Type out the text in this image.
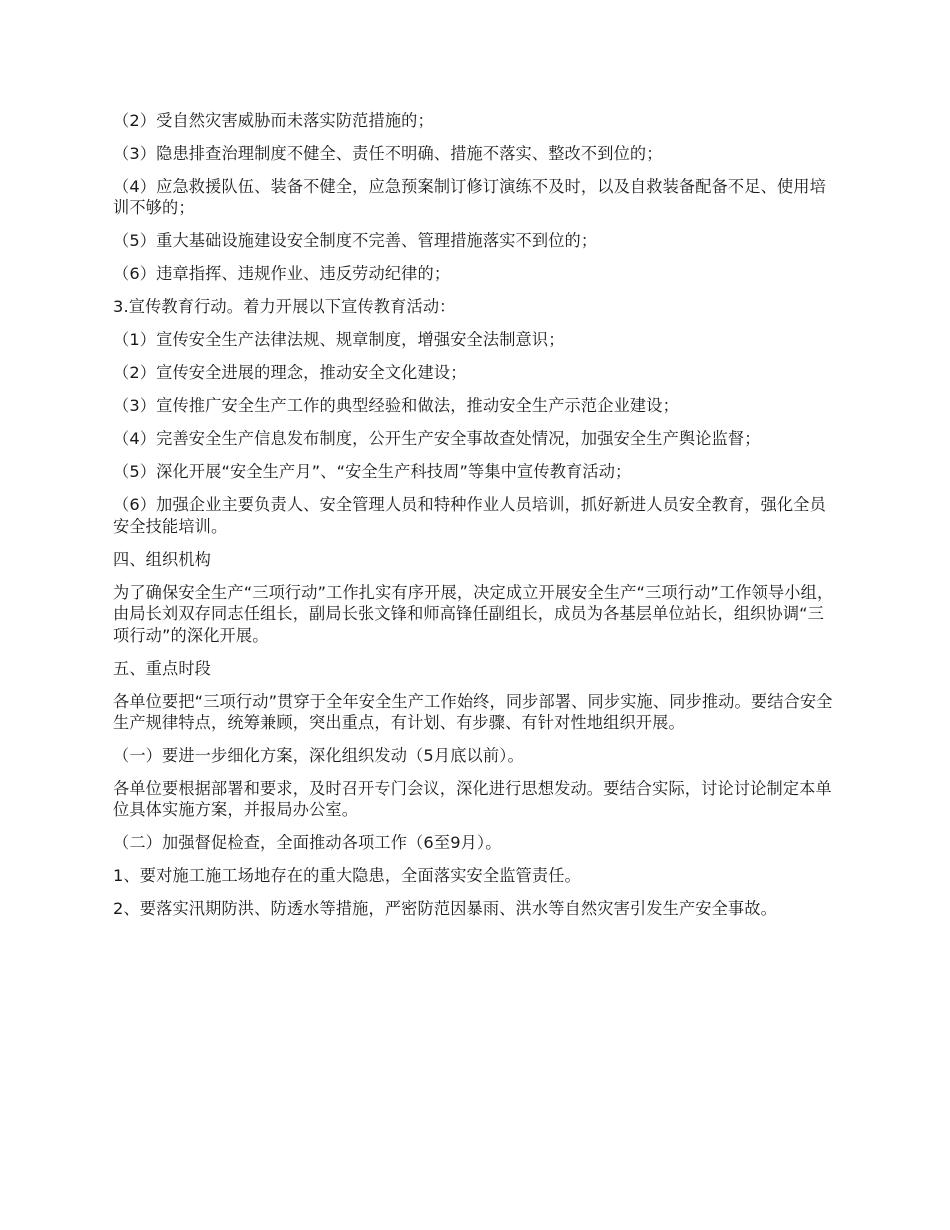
（2）受自然灾害威胁而未落实防范措施的；

（3）隐患排查治理制度不健全、责任不明确、措施不落实、整改不到位的；

（4）应急救援队伍、装备不健全，应急预案制订修订演练不及时，以及自救装备配备不足、使用培训不够的；

（5）重大基础设施建设安全制度不完善、管理措施落实不到位的；

（6）违章指挥、违规作业、违反劳动纪律的；

3.宣传教育行动。着力开展以下宣传教育活动：

（1）宣传安全生产法律法规、规章制度，增强安全法制意识；

（2）宣传安全进展的理念，推动安全文化建设；

（3）宣传推广安全生产工作的典型经验和做法，推动安全生产示范企业建设；

（4）完善安全生产信息发布制度，公开生产安全事故查处情况，加强安全生产舆论监督；

（5）深化开展“安全生产月”、“安全生产科技周”等集中宣传教育活动；

（6）加强企业主要负责人、安全管理人员和特种作业人员培训，抓好新进人员安全教育，强化全员安全技能培训。

四、组织机构

为了确保安全生产“三项行动”工作扎实有序开展，决定成立开展安全生产“三项行动”工作领导小组，由局长刘双存同志任组长，副局长张文锋和师高锋任副组长，成员为各基层单位站长，组织协调“三项行动”的深化开展。

五、重点时段

各单位要把“三项行动”贯穿于全年安全生产工作始终，同步部署、同步实施、同步推动。要结合安全生产规律特点，统筹兼顾，突出重点，有计划、有步骤、有针对性地组织开展。

（一）要进一步细化方案，深化组织发动（5月底以前）。

各单位要根据部署和要求，及时召开专门会议，深化进行思想发动。要结合实际，讨论讨论制定本单位具体实施方案，并报局办公室。

（二）加强督促检查，全面推动各项工作（6至9月）。

1、要对施工施工场地存在的重大隐患，全面落实安全监管责任。

2、要落实汛期防洪、防透水等措施，严密防范因暴雨、洪水等自然灾害引发生产安全事故。
